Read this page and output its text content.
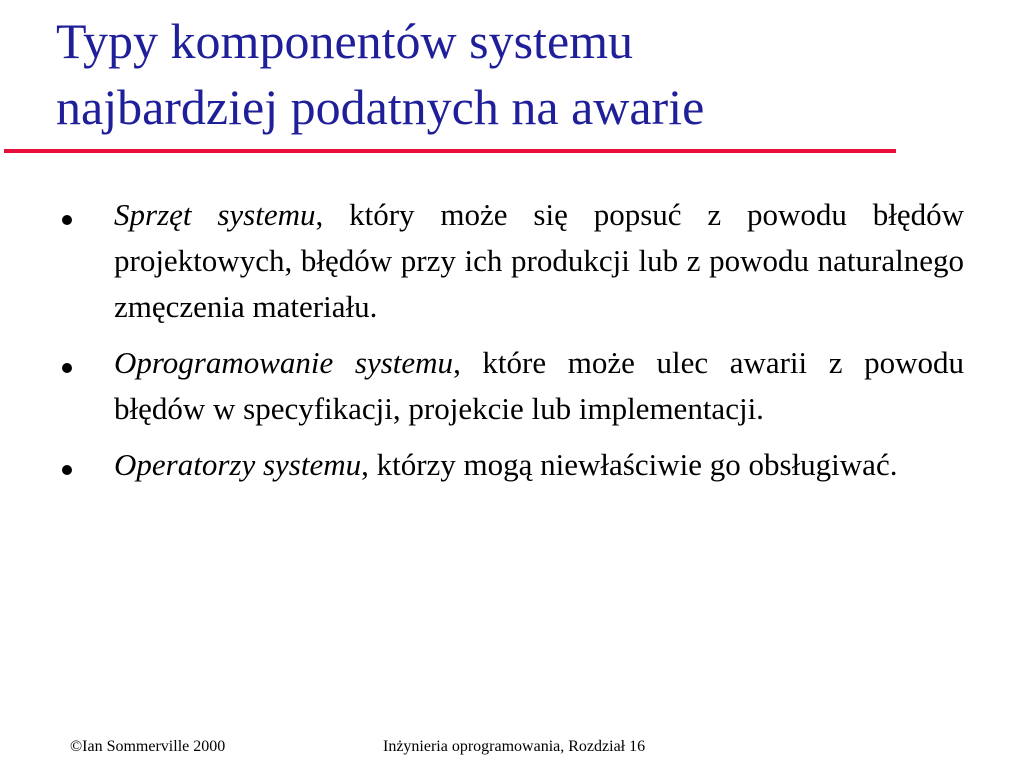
Typy komponentów systemu
najbardziej podatnych na awarie
Sprzęt systemu, który może się popsuć z powodu błędów projektowych, błędów przy ich produkcji lub z powodu naturalnego zmęczenia materiału.
Oprogramowanie systemu, które może ulec awarii z powodu błędów w specyfikacji, projekcie lub implementacji.
Operatorzy systemu, którzy mogą niewłaściwie go obsługiwać.
©Ian Sommerville 2000	Inżynieria oprogramowania, Rozdział 16
